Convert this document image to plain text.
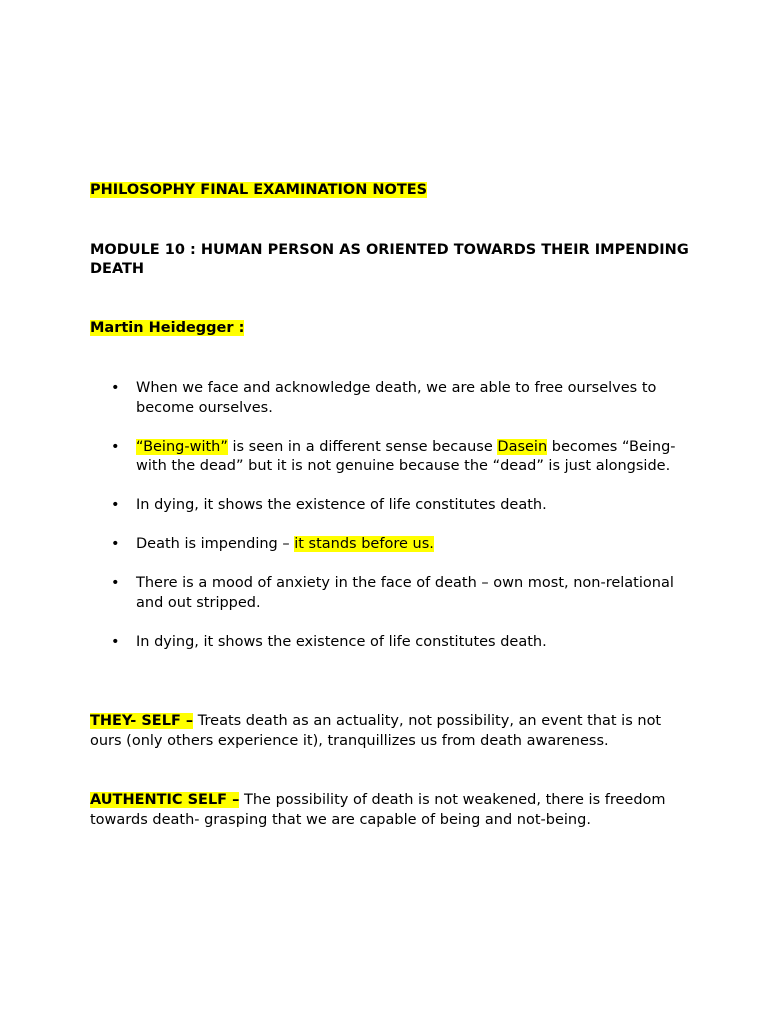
PHILOSOPHY FINAL EXAMINATION NOTES

MODULE 10 : HUMAN PERSON AS ORIENTED TOWARDS THEIR IMPENDING DEATH

Martin Heidegger :

• When we face and acknowledge death, we are able to free ourselves to become ourselves.
• “Being-with” is seen in a different sense because Dasein becomes “Being-with the dead” but it is not genuine because the “dead” is just alongside.
• In dying, it shows the existence of life constitutes death.
• Death is impending – it stands before us.
• There is a mood of anxiety in the face of death – own most, non-relational and out stripped.
• In dying, it shows the existence of life constitutes death.

THEY- SELF – Treats death as an actuality, not possibility, an event that is not ours (only others experience it), tranquillizes us from death awareness.

AUTHENTIC SELF – The possibility of death is not weakened, there is freedom towards death- grasping that we are capable of being and not-being.
